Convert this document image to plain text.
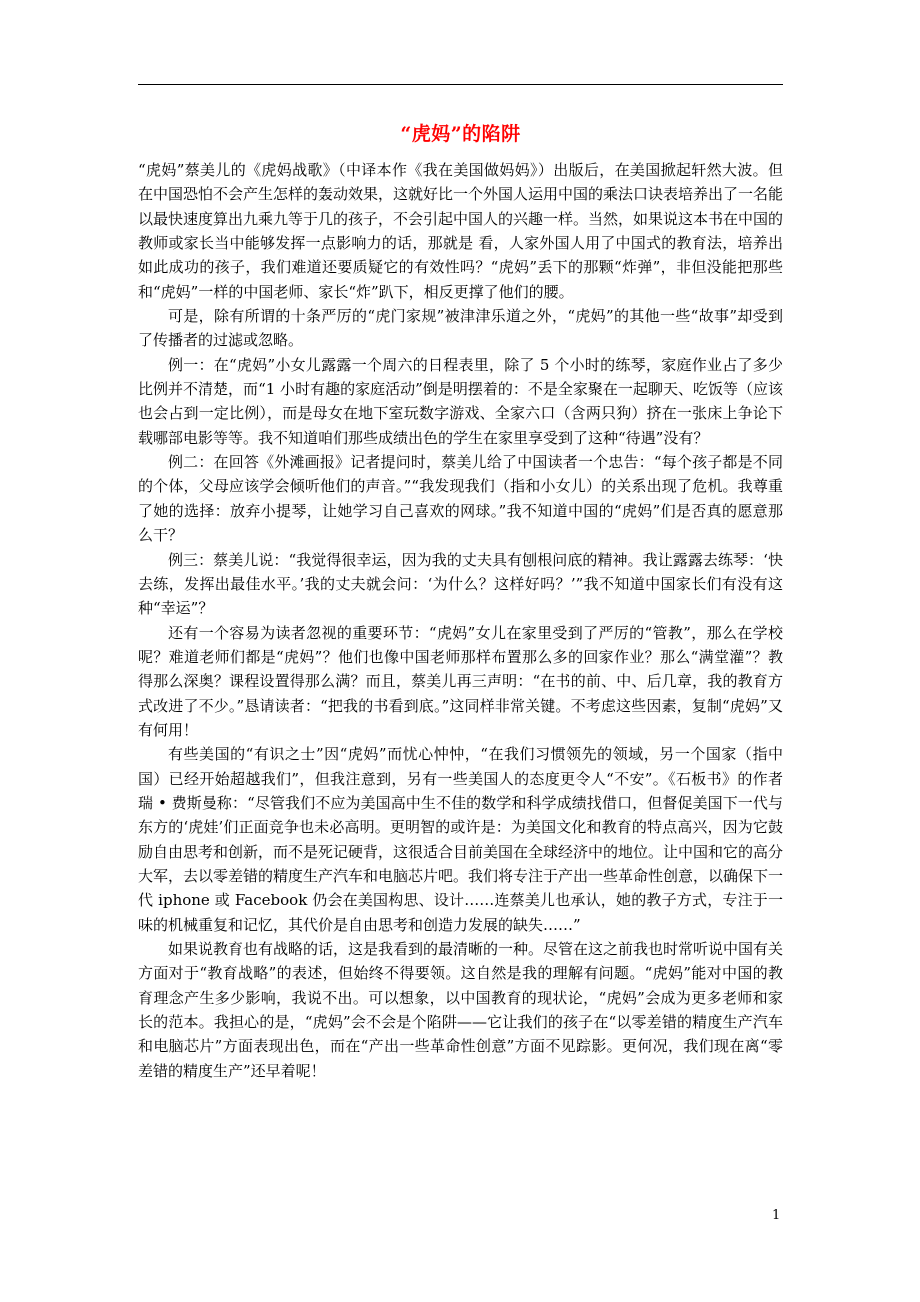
“虎妈”的陷阱

“虎妈”蔡美儿的《虎妈战歌》（中译本作《我在美国做妈妈》）出版后，在美国掀起轩然大波。但在中国恐怕不会产生怎样的轰动效果，这就好比一个外国人运用中国的乘法口诀表培养出了一名能以最快速度算出九乘九等于几的孩子，不会引起中国人的兴趣一样。当然，如果说这本书在中国的教师或家长当中能够发挥一点影响力的话，那就是 看，人家外国人用了中国式的教育法，培养出如此成功的孩子，我们难道还要质疑它的有效性吗？“虎妈”丢下的那颗“炸弹”，非但没能把那些和“虎妈”一样的中国老师、家长“炸”趴下，相反更撑了他们的腰。

可是，除有所谓的十条严厉的“虎门家规”被津津乐道之外，“虎妈”的其他一些“故事”却受到了传播者的过滤或忽略。

例一：在“虎妈”小女儿露露一个周六的日程表里，除了 5 个小时的练琴，家庭作业占了多少比例并不清楚，而“1 小时有趣的家庭活动”倒是明摆着的：不是全家聚在一起聊天、吃饭等（应该也会占到一定比例），而是母女在地下室玩数字游戏、全家六口（含两只狗）挤在一张床上争论下载哪部电影等等。我不知道咱们那些成绩出色的学生在家里享受到了这种“待遇”没有？

例二：在回答《外滩画报》记者提问时，蔡美儿给了中国读者一个忠告：“每个孩子都是不同的个体，父母应该学会倾听他们的声音。”“我发现我们（指和小女儿）的关系出现了危机。我尊重了她的选择：放弃小提琴，让她学习自己喜欢的网球。”我不知道中国的“虎妈”们是否真的愿意那么干？

例三：蔡美儿说：“我觉得很幸运，因为我的丈夫具有刨根问底的精神。我让露露去练琴：‘快去练，发挥出最佳水平。’我的丈夫就会问：‘为什么？这样好吗？’”我不知道中国家长们有没有这种“幸运”？

还有一个容易为读者忽视的重要环节：“虎妈”女儿在家里受到了严厉的“管教”，那么在学校呢？难道老师们都是“虎妈”？他们也像中国老师那样布置那么多的回家作业？那么“满堂灌”？教得那么深奥？课程设置得那么满？而且，蔡美儿再三声明：“在书的前、中、后几章，我的教育方式改进了不少。”恳请读者：“把我的书看到底。”这同样非常关键。不考虑这些因素，复制“虎妈”又有何用！

有些美国的“有识之士”因“虎妈”而忧心忡忡，“在我们习惯领先的领域，另一个国家（指中国）已经开始超越我们”，但我注意到，另有一些美国人的态度更令人“不安”。《石板书》的作者瑞 • 费斯曼称：“尽管我们不应为美国高中生不佳的数学和科学成绩找借口，但督促美国下一代与东方的‘虎娃’们正面竞争也未必高明。更明智的或许是：为美国文化和教育的特点高兴，因为它鼓励自由思考和创新，而不是死记硬背，这很适合目前美国在全球经济中的地位。让中国和它的高分大军，去以零差错的精度生产汽车和电脑芯片吧。我们将专注于产出一些革命性创意，以确保下一代 iphone 或 Facebook 仍会在美国构思、设计……连蔡美儿也承认，她的教子方式，专注于一味的机械重复和记忆，其代价是自由思考和创造力发展的缺失……”

如果说教育也有战略的话，这是我看到的最清晰的一种。尽管在这之前我也时常听说中国有关方面对于“教育战略”的表述，但始终不得要领。这自然是我的理解有问题。“虎妈”能对中国的教育理念产生多少影响，我说不出。可以想象，以中国教育的现状论，“虎妈”会成为更多老师和家长的范本。我担心的是，“虎妈”会不会是个陷阱——它让我们的孩子在“以零差错的精度生产汽车和电脑芯片”方面表现出色，而在“产出一些革命性创意”方面不见踪影。更何况，我们现在离“零差错的精度生产”还早着呢！

1
